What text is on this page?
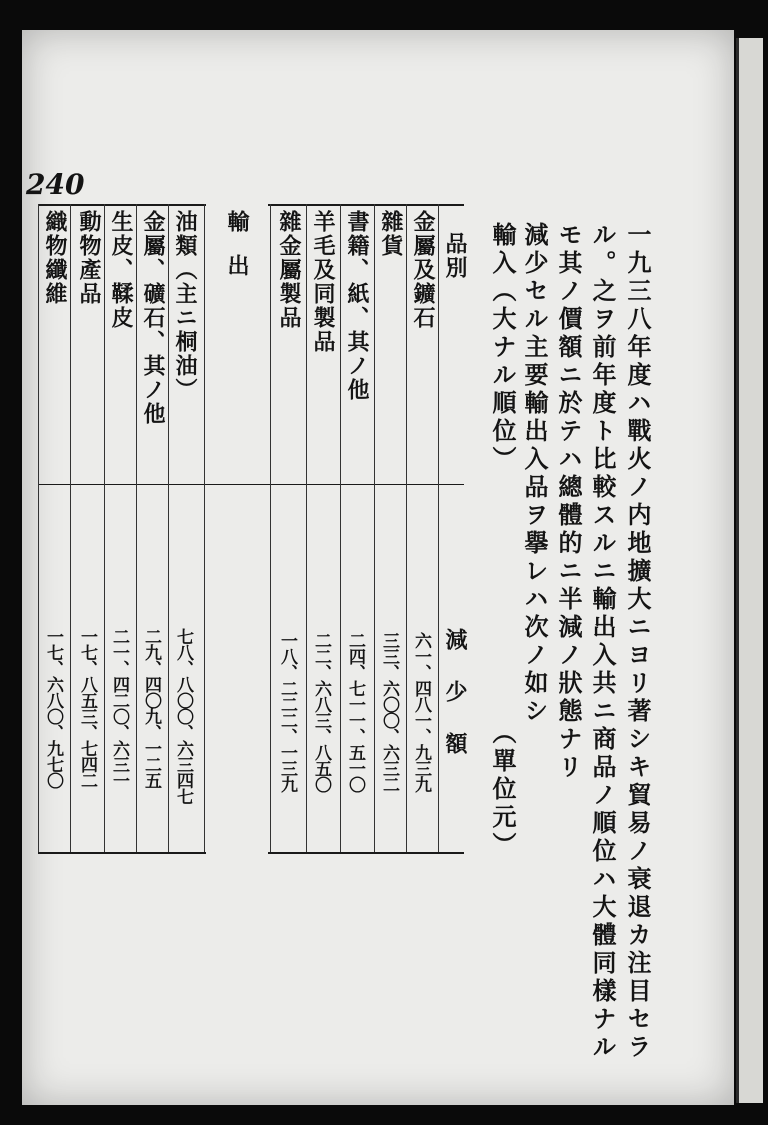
240
一九三八年度ハ戰火ノ内地擴大ニヨリ著シキ貿易ノ衰退カ注目セラ
ル。之ヲ前年度ト比較スルニ輸出入共ニ商品ノ順位ハ大體同樣ナル
モ其ノ價額ニ於テハ總體的ニ半減ノ狀態ナリ
減少セル主要輸出入品ヲ擧レハ次ノ如シ
輸入（大ナル順位）
（單位元）
品別
減少額
金屬及鑛石
六一、四八一、九三九
雜貨
三三、六〇〇、六三二
書籍、紙、其ノ他
二四、七一一、五一〇
羊毛及同製品
二二、六八三、八五〇
雜金屬製品
一八、二二二、一三九
輸出
油類（主ニ桐油）
七八、八〇〇、六三四七
金屬、礦石、其ノ他
二九、四〇九、一二五
生皮、鞣皮
二一、四二〇、六三一
動物產品
一七、八五三、七四二
織物纖維
一七、六八〇、九七〇
